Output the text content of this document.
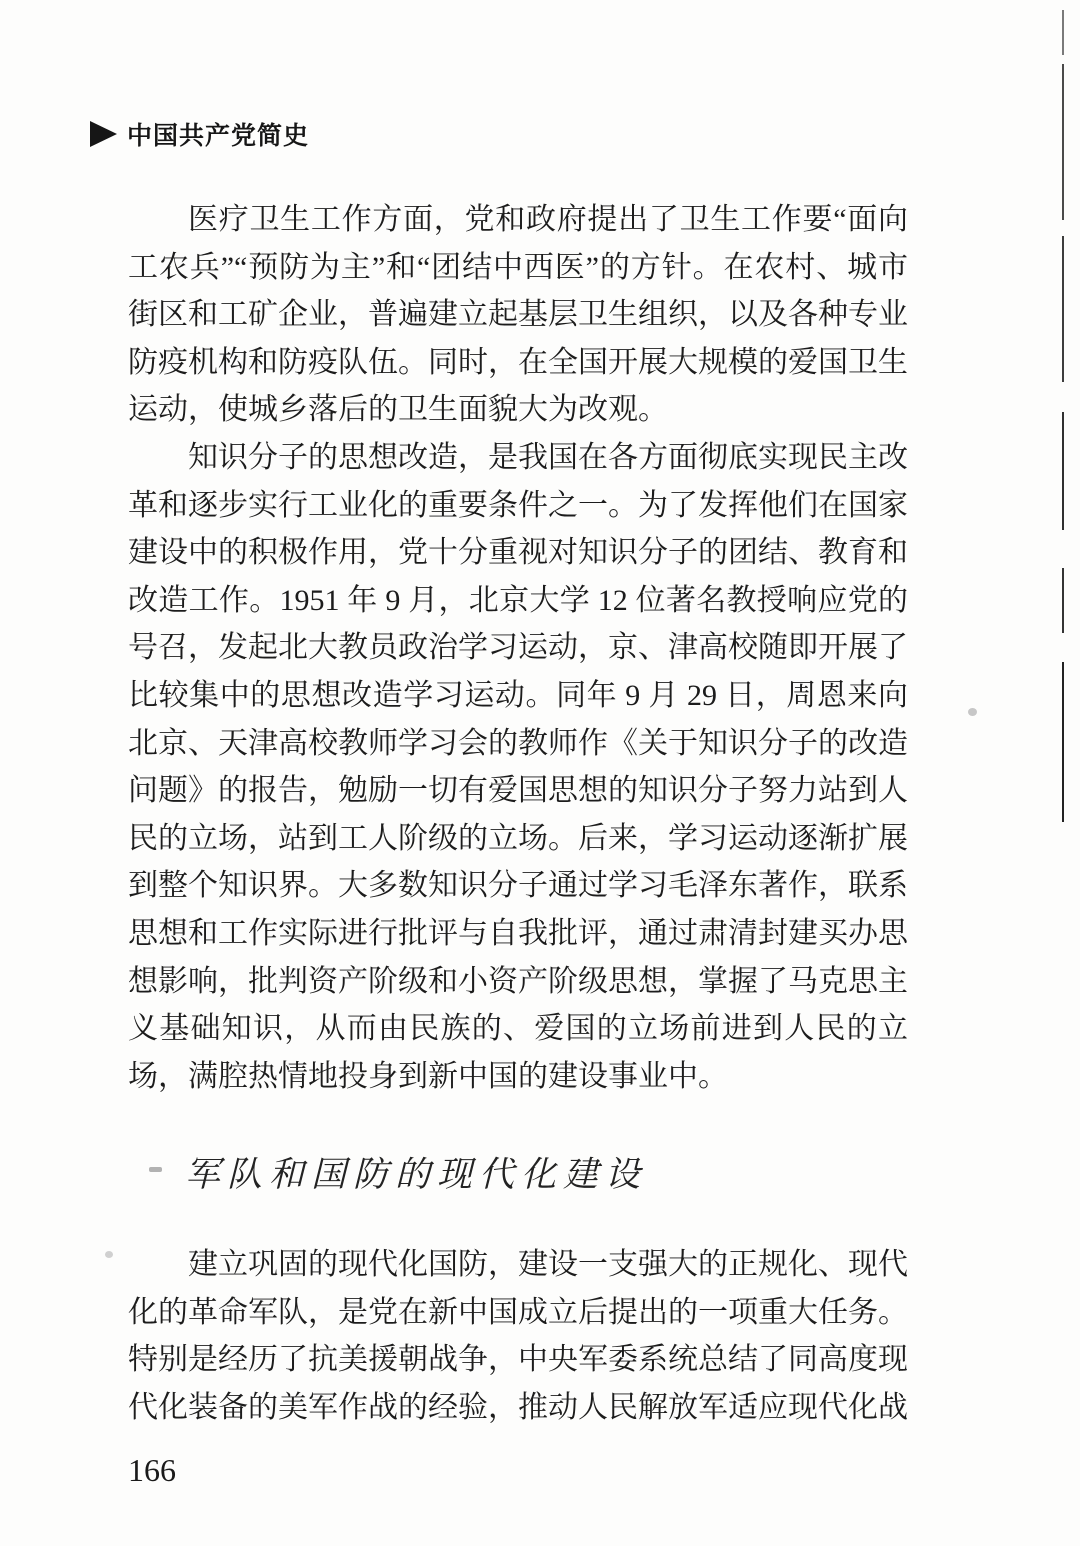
中国共产党简史

医疗卫生工作方面，党和政府提出了卫生工作要“面向工农兵”“预防为主”和“团结中西医”的方针。在农村、城市街区和工矿企业，普遍建立起基层卫生组织，以及各种专业防疫机构和防疫队伍。同时，在全国开展大规模的爱国卫生运动，使城乡落后的卫生面貌大为改观。

知识分子的思想改造，是我国在各方面彻底实现民主改革和逐步实行工业化的重要条件之一。为了发挥他们在国家建设中的积极作用，党十分重视对知识分子的团结、教育和改造工作。1951 年 9 月，北京大学 12 位著名教授响应党的号召，发起北大教员政治学习运动，京、津高校随即开展了比较集中的思想改造学习运动。同年 9 月 29 日，周恩来向北京、天津高校教师学习会的教师作《关于知识分子的改造问题》的报告，勉励一切有爱国思想的知识分子努力站到人民的立场，站到工人阶级的立场。后来，学习运动逐渐扩展到整个知识界。大多数知识分子通过学习毛泽东著作，联系思想和工作实际进行批评与自我批评，通过肃清封建买办思想影响，批判资产阶级和小资产阶级思想，掌握了马克思主义基础知识，从而由民族的、爱国的立场前进到人民的立场，满腔热情地投身到新中国的建设事业中。

军队和国防的现代化建设

建立巩固的现代化国防，建设一支强大的正规化、现代化的革命军队，是党在新中国成立后提出的一项重大任务。特别是经历了抗美援朝战争，中央军委系统总结了同高度现代化装备的美军作战的经验，推动人民解放军适应现代化战

166
